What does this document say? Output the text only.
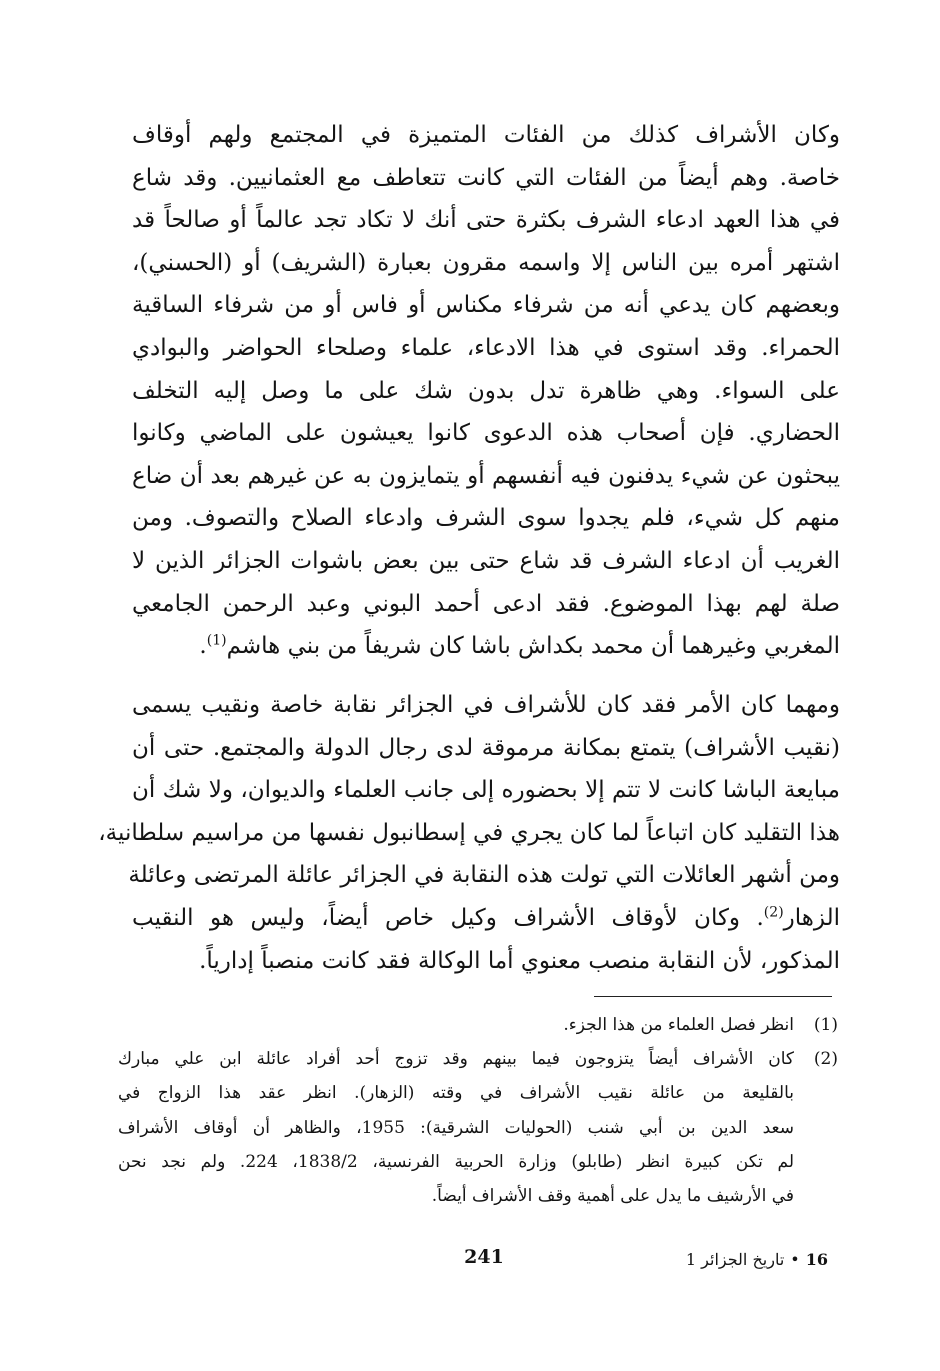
وكان الأشراف كذلك من الفئات المتميزة في المجتمع ولهم أوقاف
خاصة. وهم أيضاً من الفئات التي كانت تتعاطف مع العثمانيين. وقد شاع
في هذا العهد ادعاء الشرف بكثرة حتى أنك لا تكاد تجد عالماً أو صالحاً قد
اشتهر أمره بين الناس إلا واسمه مقرون بعبارة (الشريف) أو (الحسني)،
وبعضهم كان يدعي أنه من شرفاء مكناس أو فاس أو من شرفاء الساقية
الحمراء. وقد استوى في هذا الادعاء، علماء وصلحاء الحواضر والبوادي
على السواء. وهي ظاهرة تدل بدون شك على ما وصل إليه التخلف
الحضاري. فإن أصحاب هذه الدعوى كانوا يعيشون على الماضي وكانوا
يبحثون عن شيء يدفنون فيه أنفسهم أو يتمايزون به عن غيرهم بعد أن ضاع
منهم كل شيء، فلم يجدوا سوى الشرف وادعاء الصلاح والتصوف. ومن
الغريب أن ادعاء الشرف قد شاع حتى بين بعض باشوات الجزائر الذين لا
صلة لهم بهذا الموضوع. فقد ادعى أحمد البوني وعبد الرحمن الجامعي
المغربي وغيرهما أن محمد بكداش باشا كان شريفاً من بني هاشم$^{(1)}$.
ومهما كان الأمر فقد كان للأشراف في الجزائر نقابة خاصة ونقيب يسمى
(نقيب الأشراف) يتمتع بمكانة مرموقة لدى رجال الدولة والمجتمع. حتى أن
مبايعة الباشا كانت لا تتم إلا بحضوره إلى جانب العلماء والديوان، ولا شك أن
هذا التقليد كان اتباعاً لما كان يجري في إسطانبول نفسها من مراسيم سلطانية،
ومن أشهر العائلات التي تولت هذه النقابة في الجزائر عائلة المرتضى وعائلة
الزهار$^{(2)}$. وكان لأوقاف الأشراف وكيل خاص أيضاً، وليس هو النقيب
المذكور، لأن النقابة منصب معنوي أما الوكالة فقد كانت منصباً إدارياً.
(1)
انظر فصل العلماء من هذا الجزء.
(2)
كان الأشراف أيضاً يتزوجون فيما بينهم وقد تزوج أحد أفراد عائلة ابن علي مبارك
بالقليعة من عائلة نقيب الأشراف في وقته (الزهار). انظر عقد هذا الزواج في
سعد الدين بن أبي شنب (الحوليات الشرقية): 1955، والظاهر أن أوقاف الأشراف
لم تكن كبيرة انظر (طابلو) وزارة الحربية الفرنسية، 1838/2، 224. ولم نجد نحن
في الأرشيف ما يدل على أهمية وقف الأشراف أيضاً.
241	16•تاريخ الجزائر 1
